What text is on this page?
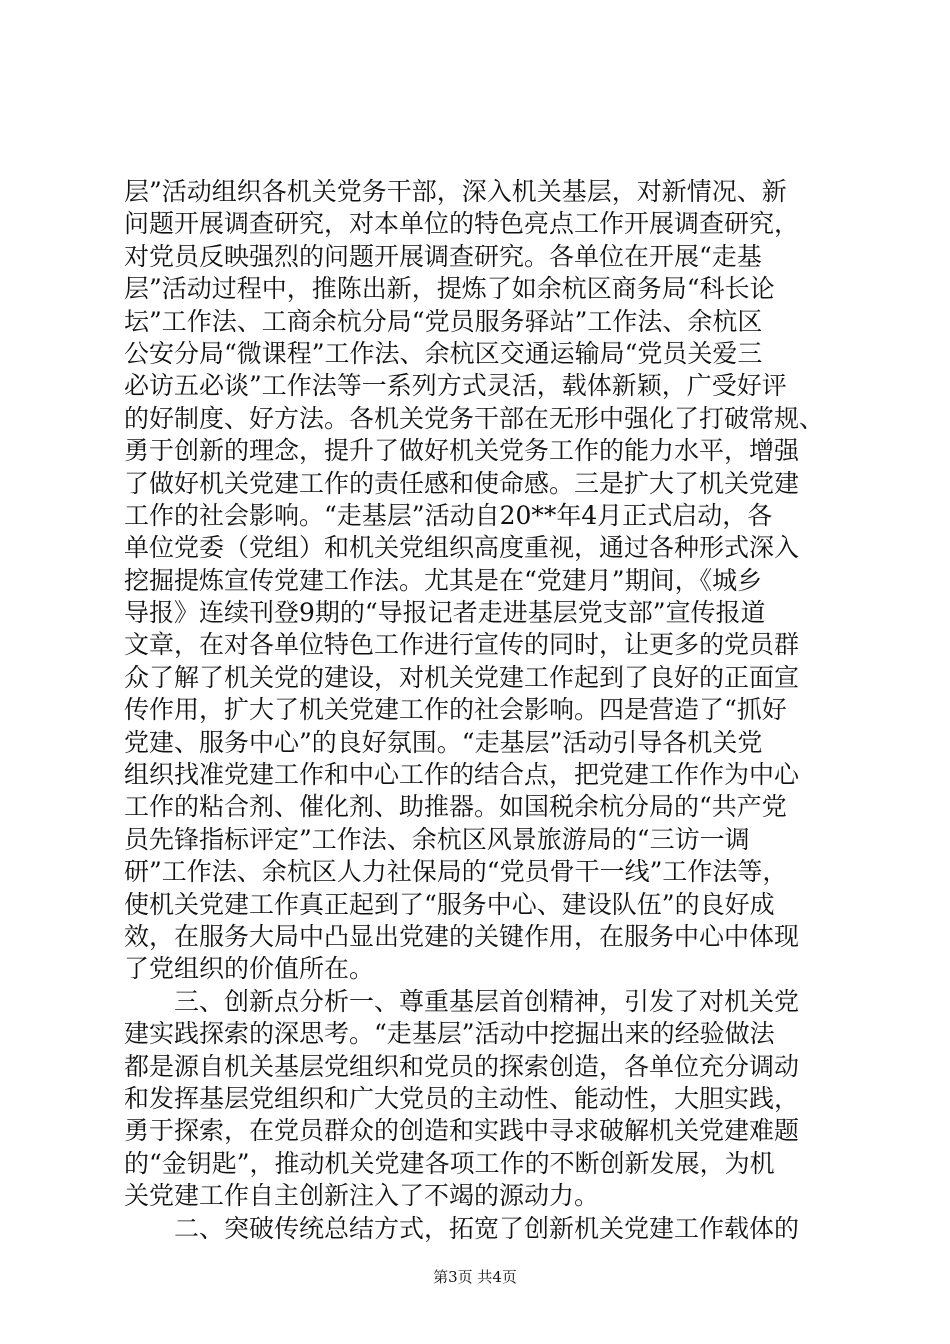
层”活动组织各机关党务干部，深入机关基层，对新情况、新
问题开展调查研究，对本单位的特色亮点工作开展调查研究，
对党员反映强烈的问题开展调查研究。各单位在开展“走基
层”活动过程中，推陈出新，提炼了如余杭区商务局“科长论
坛”工作法、工商余杭分局“党员服务驿站”工作法、余杭区
公安分局“微课程”工作法、余杭区交通运输局“党员关爱三
必访五必谈”工作法等一系列方式灵活，载体新颖，广受好评
的好制度、好方法。各机关党务干部在无形中强化了打破常规、
勇于创新的理念，提升了做好机关党务工作的能力水平，增强
了做好机关党建工作的责任感和使命感。三是扩大了机关党建
工作的社会影响。“走基层”活动自20**年4月正式启动，各
单位党委（党组）和机关党组织高度重视，通过各种形式深入
挖掘提炼宣传党建工作法。尤其是在“党建月”期间，《城乡
导报》连续刊登9期的“导报记者走进基层党支部”宣传报道
文章，在对各单位特色工作进行宣传的同时，让更多的党员群
众了解了机关党的建设，对机关党建工作起到了良好的正面宣
传作用，扩大了机关党建工作的社会影响。四是营造了“抓好
党建、服务中心”的良好氛围。“走基层”活动引导各机关党
组织找准党建工作和中心工作的结合点，把党建工作作为中心
工作的粘合剂、催化剂、助推器。如国税余杭分局的“共产党
员先锋指标评定”工作法、余杭区风景旅游局的“三访一调
研”工作法、余杭区人力社保局的“党员骨干一线”工作法等，
使机关党建工作真正起到了“服务中心、建设队伍”的良好成
效，在服务大局中凸显出党建的关键作用，在服务中心中体现
了党组织的价值所在。
　　三、创新点分析一、尊重基层首创精神，引发了对机关党
建实践探索的深思考。“走基层”活动中挖掘出来的经验做法
都是源自机关基层党组织和党员的探索创造，各单位充分调动
和发挥基层党组织和广大党员的主动性、能动性，大胆实践，
勇于探索，在党员群众的创造和实践中寻求破解机关党建难题
的“金钥匙”，推动机关党建各项工作的不断创新发展，为机
关党建工作自主创新注入了不竭的源动力。
　　二、突破传统总结方式，拓宽了创新机关党建工作载体的
第3页 共4页
